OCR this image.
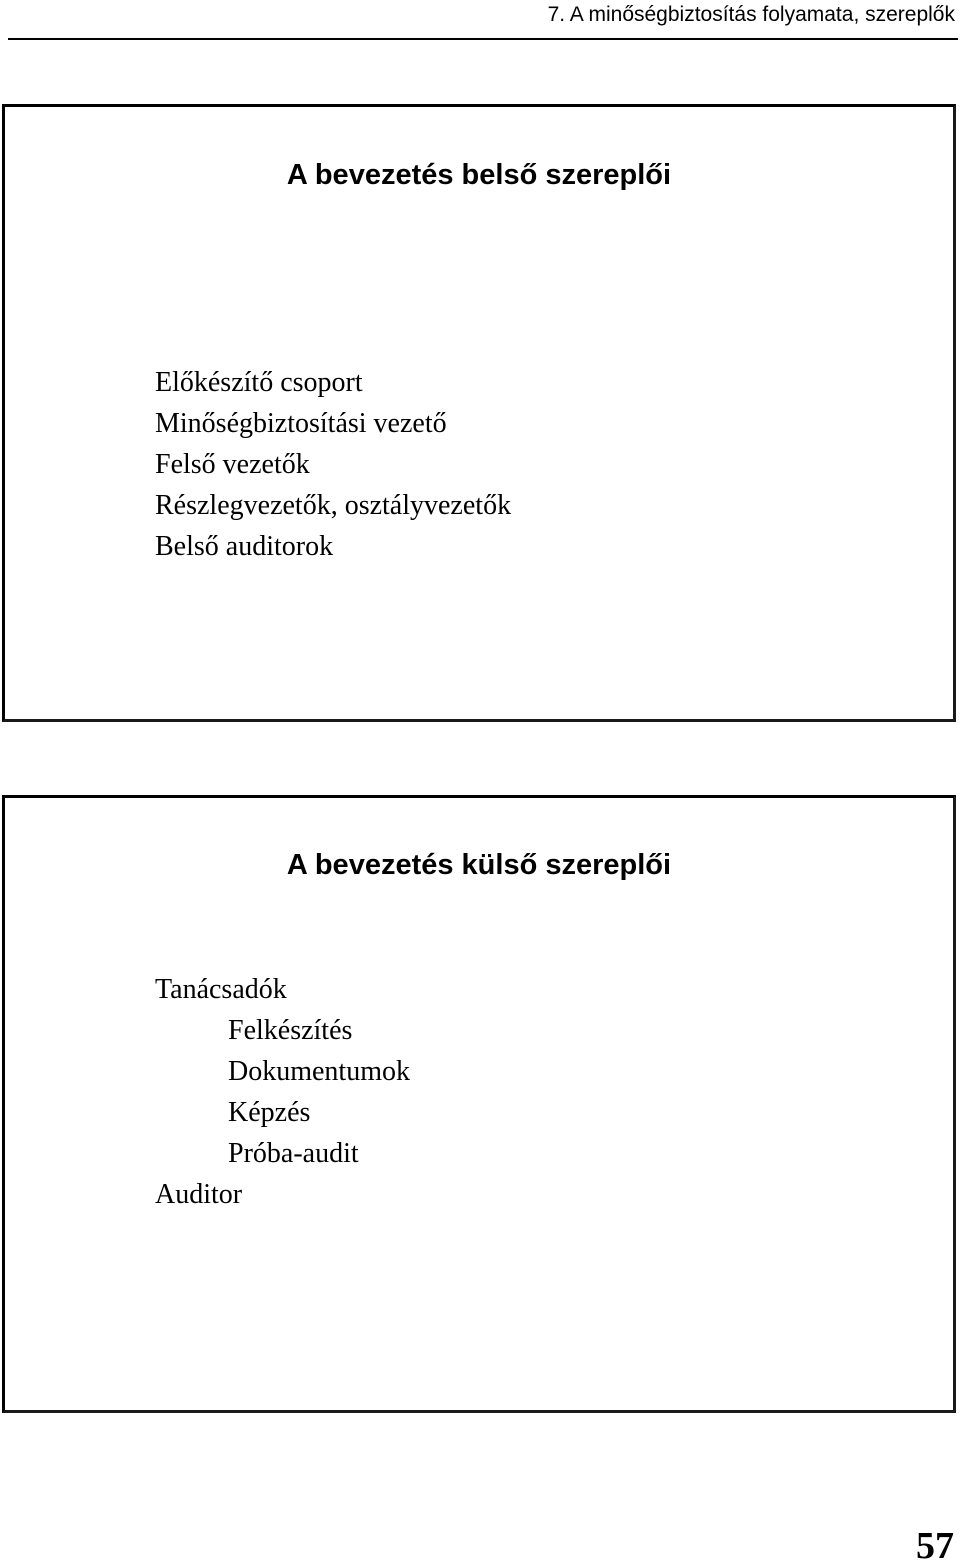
7. A minőségbiztosítás folyamata, szereplők
A bevezetés belső szereplői
Előkészítő csoport
Minőségbiztosítási vezető
Felső vezetők
Részlegvezetők, osztályvezetők
Belső auditorok
A bevezetés külső szereplői
Tanácsadók
Felkészítés
Dokumentumok
Képzés
Próba-audit
Auditor
57
